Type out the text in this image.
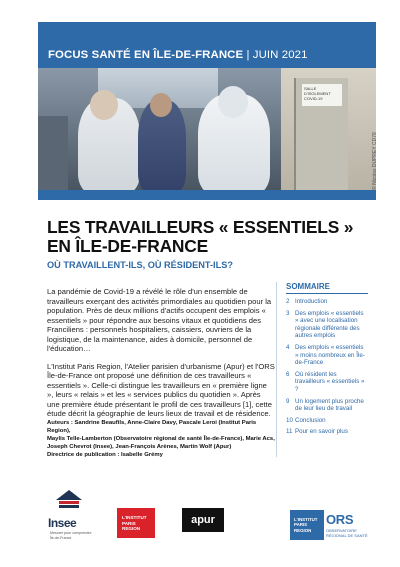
FOCUS SANTÉ EN ÎLE-DE-FRANCE | JUIN 2021
SALLE D'ISOLEMENT COVID-19
© Nicolas DUPREY CD78
LES TRAVAILLEURS « ESSENTIELS »
EN ÎLE-DE-FRANCE
OÙ TRAVAILLENT-ILS, OÙ RÉSIDENT-ILS?

La pandémie de Covid-19 a révélé le rôle d'un ensemble de travailleurs exerçant des activités primordiales au quotidien pour la population. Près de deux millions d'actifs occupent des emplois « essentiels » pour répondre aux besoins vitaux et quotidiens des Franciliens : personnels hospitaliers, caissiers, ouvriers de la logistique, de la maintenance, aides à domicile, personnel de l'éducation…

L'Institut Paris Region, l'Atelier parisien d'urbanisme (Apur) et l'ORS Île-de-France ont proposé une définition de ces travailleurs « essentiels ». Celle-ci distingue les travailleurs en « première ligne », leurs « relais » et les « services publics du quotidien ». Après une première étude présentant le profil de ces travailleurs [1], cette étude décrit la géographie de leurs lieux de travail et de résidence.

Auteurs : Sandrine Beaufils, Anne-Claire Davy, Pascale Leroi (Institut Paris Region),
Maylis Telle-Lamberton (Observatoire régional de santé Île-de-France), Marie Acs,
Joseph Chevrot (Insee), Jean-François Arènes, Martin Wolf (Apur)
Directrice de publication : Isabelle Grémy
SOMMAIRE
2 Introduction
3 Des emplois « essentiels » avec une localisation régionale différente des autres emplois
4 Des emplois « essentiels » moins nombreux en Île-de-France
6 Où résident les travailleurs « essentiels » ?
9 Un logement plus proche de leur lieu de travail
10 Conclusion
11 Pour en savoir plus
Insee
Mesurer pour comprendre Île-de-France
L'INSTITUT
PARIS
REGION
apur	L'INSTITUT
PARIS
REGION
ORS
OBSERVATOIRE
RÉGIONAL DE SANTÉ
